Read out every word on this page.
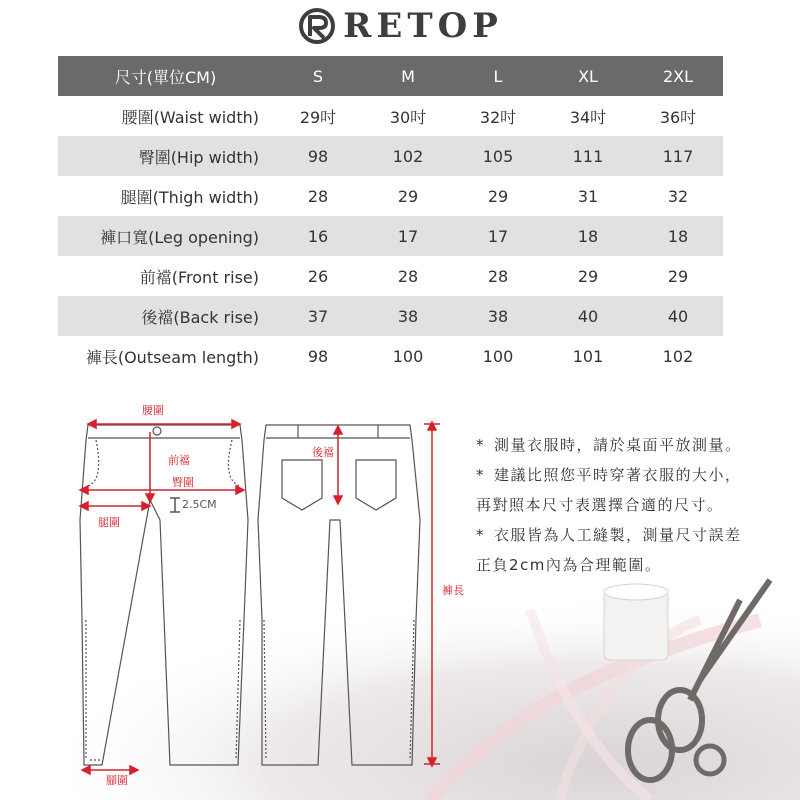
RETOP
尺寸(單位CM)	S	M	L	XL	2XL
腰圍(Waist width)	29吋	30吋	32吋	34吋	36吋
臀圍(Hip width)	98	102	105	111	117
腿圍(Thigh width)	28	29	29	31	32
褲口寬(Leg opening)	16	17	17	18	18
前襠(Front rise)	26	28	28	29	29
後襠(Back rise)	37	38	38	40	40
褲長(Outseam length)	98	100	100	101	102
腰圍
前襠
臀圍
2.5CM
腿圍
後襠
褲長
腳圍
* 測量衣服時，請於桌面平放測量。
* 建議比照您平時穿著衣服的大小，
再對照本尺寸表選擇合適的尺寸。
* 衣服皆為人工縫製，測量尺寸誤差
正負2cm內為合理範圍。
